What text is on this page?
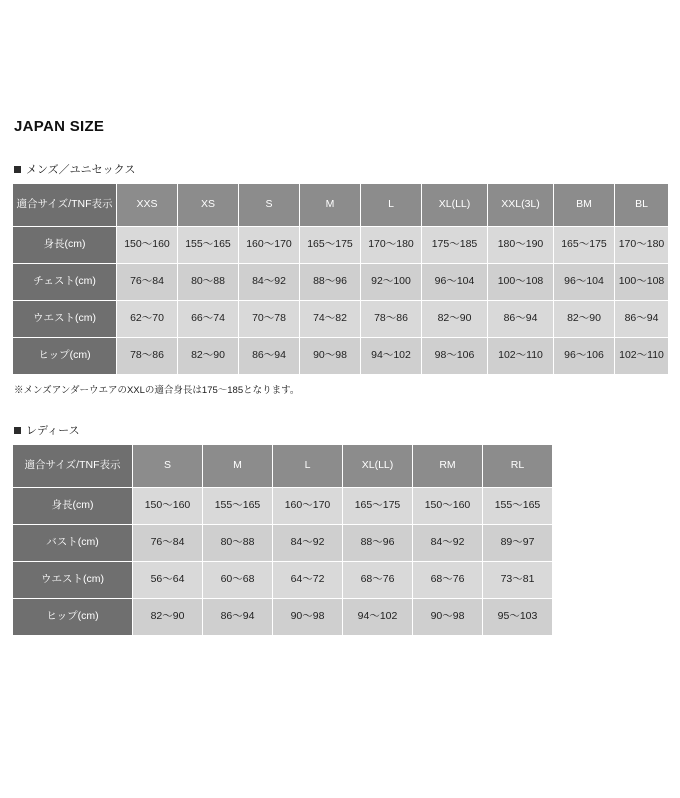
JAPAN SIZE
メンズ／ユニセックス
適合サイズ/TNF表示	XXS	XS	S	M	L	XL(LL)	XXL(3L)	BM	BL
身長(cm)	150〜160	155〜165	160〜170	165〜175	170〜180	175〜185	180〜190	165〜175	170〜180
チェスト(cm)	76〜84	80〜88	84〜92	88〜96	92〜100	96〜104	100〜108	96〜104	100〜108
ウエスト(cm)	62〜70	66〜74	70〜78	74〜82	78〜86	82〜90	86〜94	82〜90	86〜94
ヒップ(cm)	78〜86	82〜90	86〜94	90〜98	94〜102	98〜106	102〜110	96〜106	102〜110

※メンズアンダーウエアのXXLの適合身長は175〜185となります。

レディース
適合サイズ/TNF表示	S	M	L	XL(LL)	RM	RL
身長(cm)	150〜160	155〜165	160〜170	165〜175	150〜160	155〜165
バスト(cm)	76〜84	80〜88	84〜92	88〜96	84〜92	89〜97
ウエスト(cm)	56〜64	60〜68	64〜72	68〜76	68〜76	73〜81
ヒップ(cm)	82〜90	86〜94	90〜98	94〜102	90〜98	95〜103
